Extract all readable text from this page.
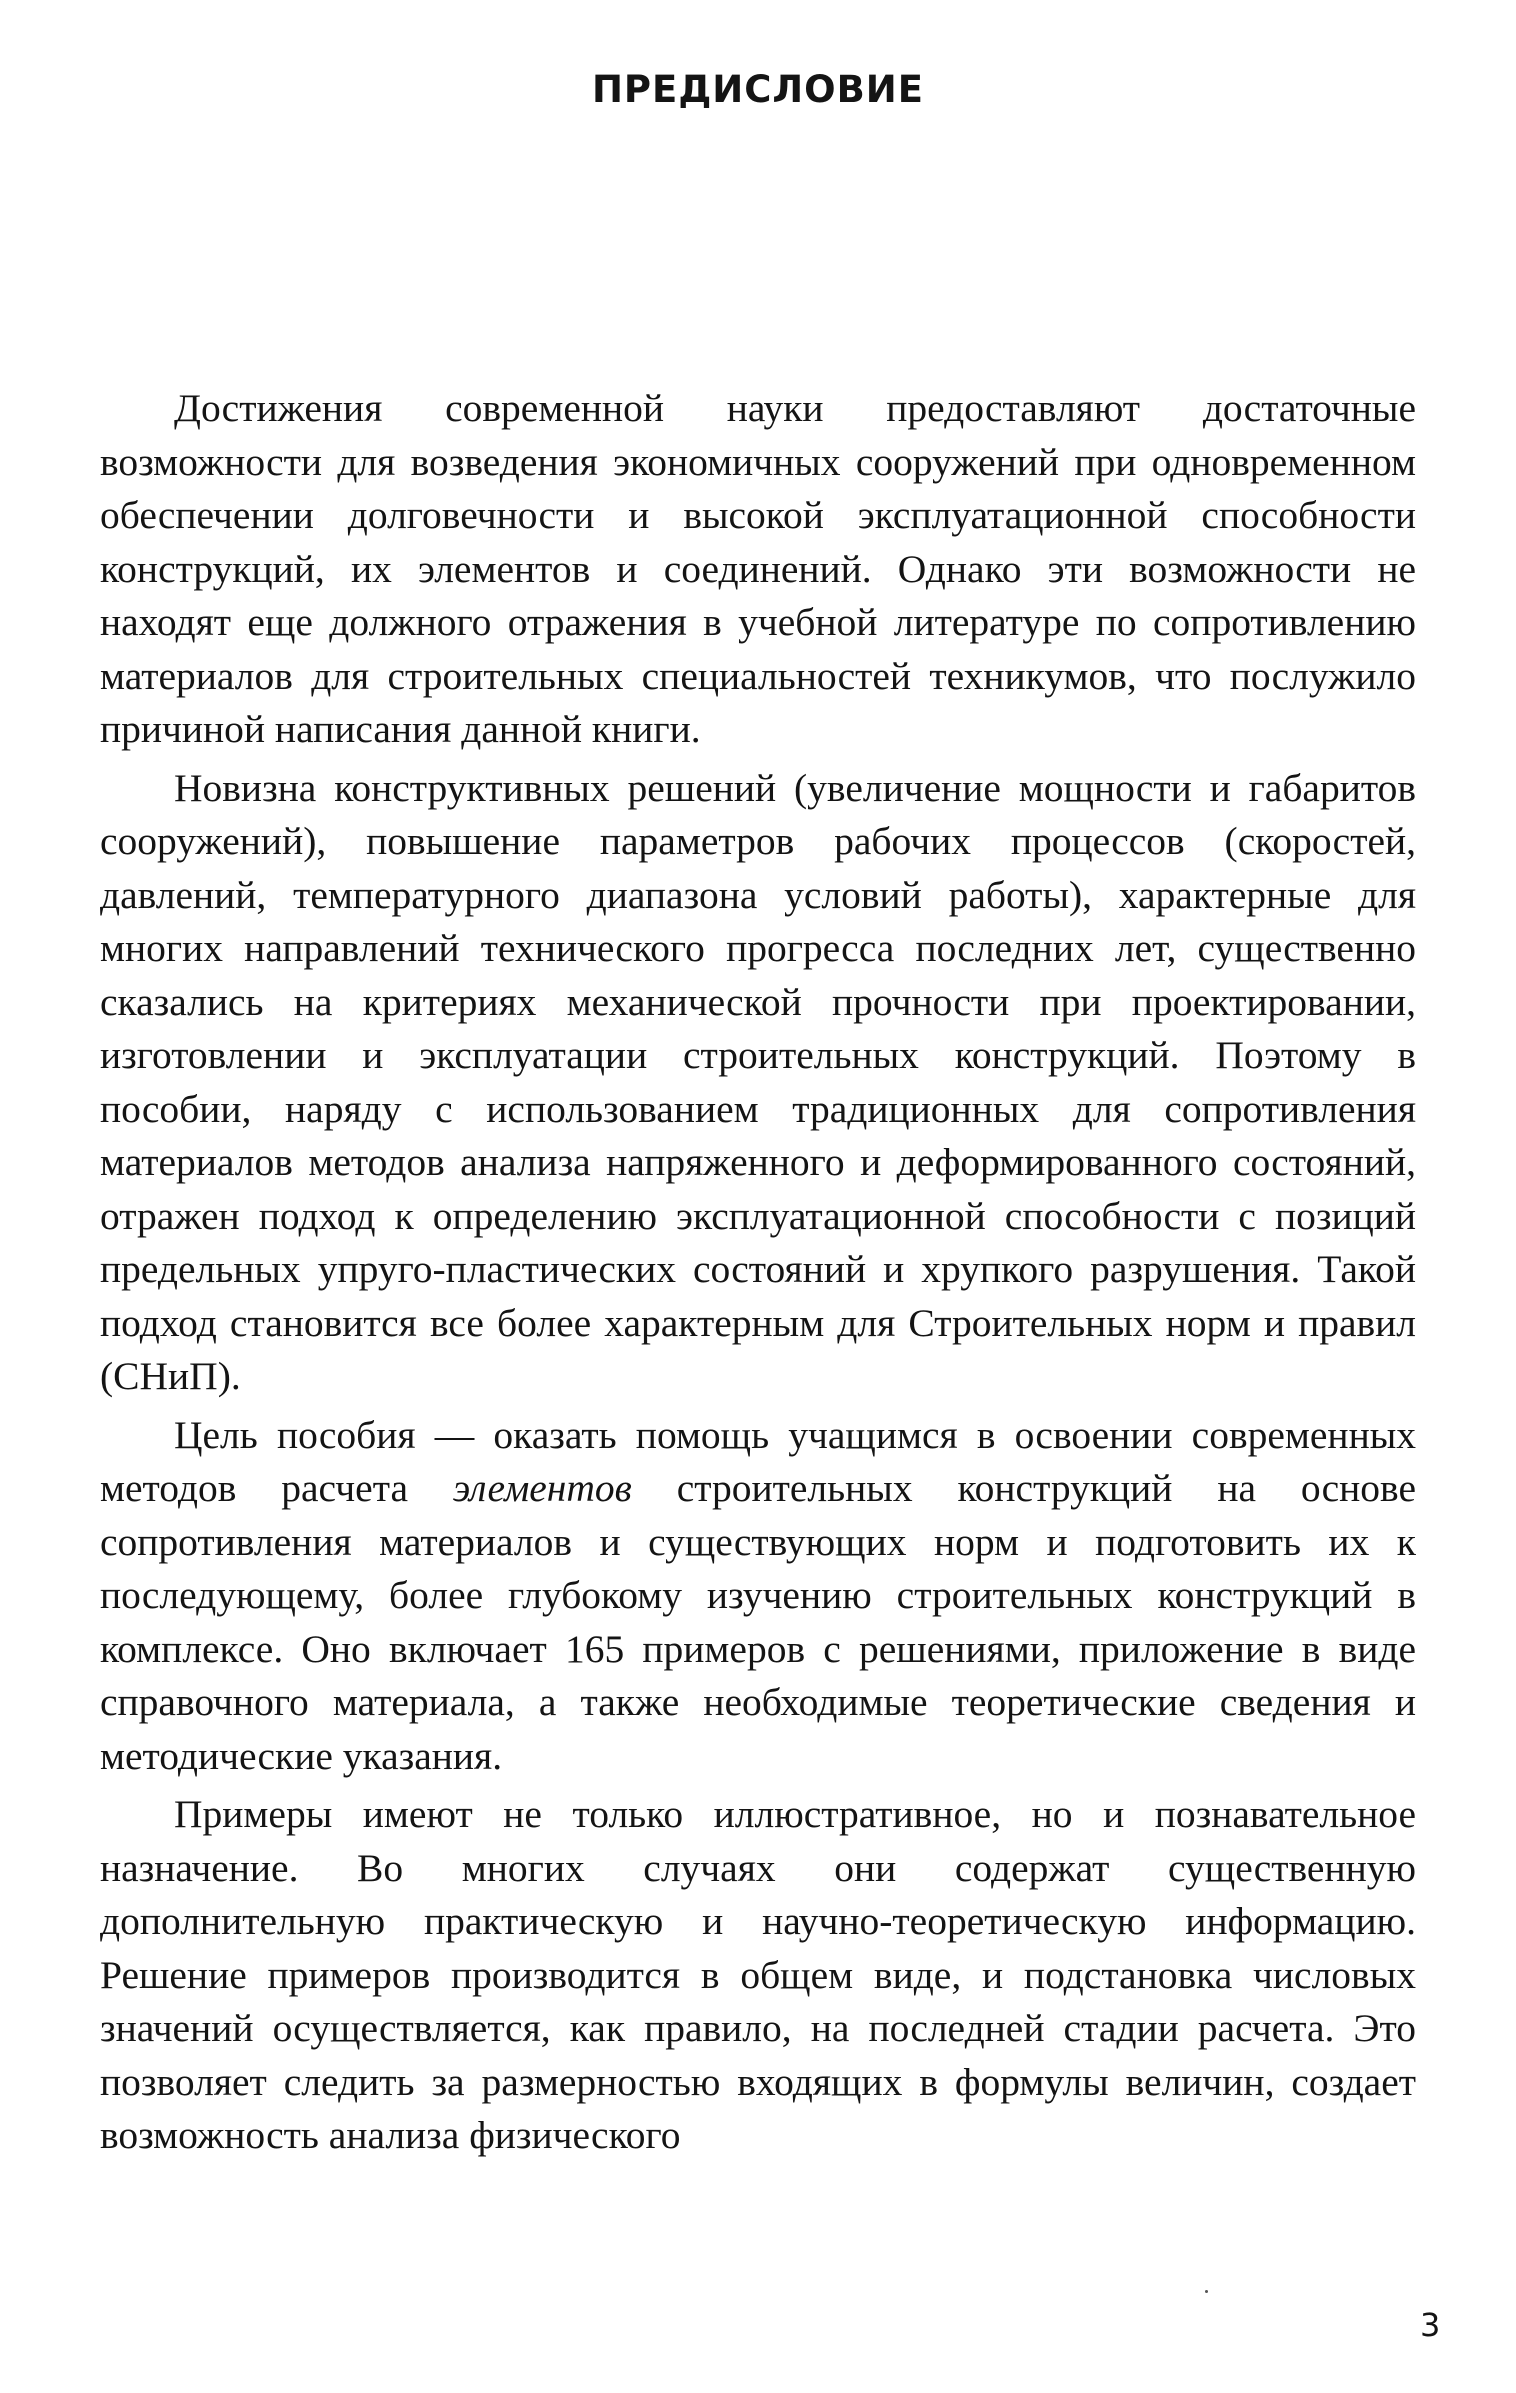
ПРЕДИСЛОВИЕ

Достижения современной науки предоставляют достаточные возможности для возведения экономичных сооружений при одновременном обеспечении долговечности и высокой эксплуатационной способности конструкций, их элементов и соединений. Однако эти возможности не находят еще должного отражения в учебной литературе по сопротивлению материалов для строительных специальностей техникумов, что послужило причиной написания данной книги.

Новизна конструктивных решений (увеличение мощности и габаритов сооружений), повышение параметров рабочих процессов (скоростей, давлений, температурного диапазона условий работы), характерные для многих направлений технического прогресса последних лет, существенно сказались на критериях механической прочности при проектировании, изготовлении и эксплуатации строительных конструкций. Поэтому в пособии, наряду с использованием традиционных для сопротивления материалов методов анализа напряженного и деформированного состояний, отражен подход к определению эксплуатационной способности с позиций предельных упруго-пластических состояний и хрупкого разрушения. Такой подход становится все более характерным для Строительных норм и правил (СНиП).

Цель пособия — оказать помощь учащимся в освоении современных методов расчета элементов строительных конструкций на основе сопротивления материалов и существующих норм и подготовить их к последующему, более глубокому изучению строительных конструкций в комплексе. Оно включает 165 примеров с решениями, приложение в виде справочного материала, а также необходимые теоретические сведения и методические указания.

Примеры имеют не только иллюстративное, но и познавательное назначение. Во многих случаях они содержат существенную дополнительную практическую и научно-теоретическую информацию. Решение примеров производится в общем виде, и подстановка числовых значений осуществляется, как правило, на последней стадии расчета. Это позволяет следить за размерностью входящих в формулы величин, создает возможность анализа физического

3
